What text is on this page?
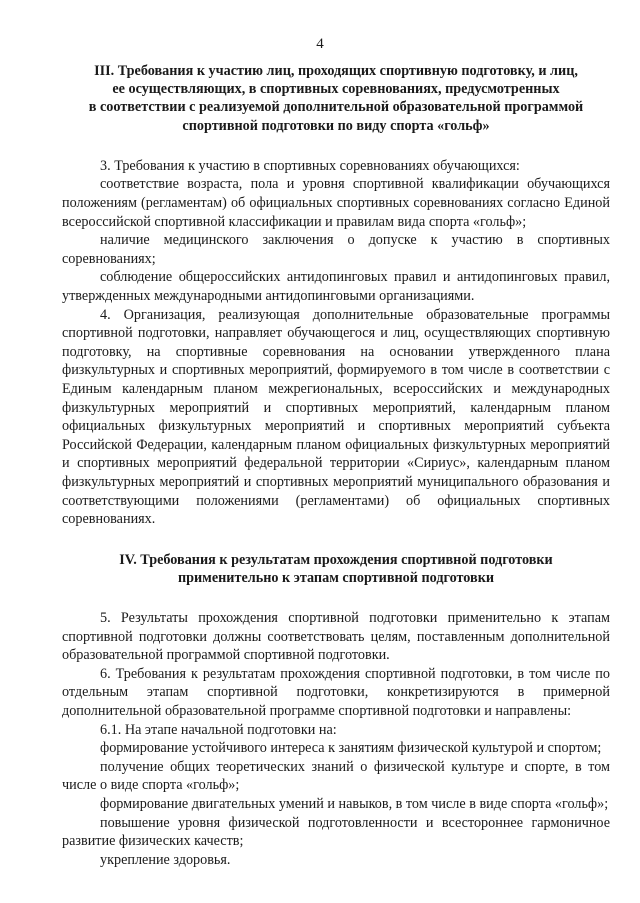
4
III. Требования к участию лиц, проходящих спортивную подготовку, и лиц,
ее осуществляющих, в спортивных соревнованиях, предусмотренных
в соответствии с реализуемой дополнительной образовательной программой
спортивной подготовки по виду спорта «гольф»

3. Требования к участию в спортивных соревнованиях обучающихся:

соответствие возраста, пола и уровня спортивной квалификации обучающихся положениям (регламентам) об официальных спортивных соревнованиях согласно Единой всероссийской спортивной классификации и правилам вида спорта «гольф»;

наличие медицинского заключения о допуске к участию в спортивных соревнованиях;

соблюдение общероссийских антидопинговых правил и антидопинговых правил, утвержденных международными антидопинговыми организациями.

4. Организация, реализующая дополнительные образовательные программы спортивной подготовки, направляет обучающегося и лиц, осуществляющих спортивную подготовку, на спортивные соревнования на основании утвержденного плана физкультурных и спортивных мероприятий, формируемого в том числе в соответствии с Единым календарным планом межрегиональных, всероссийских и международных физкультурных мероприятий и спортивных мероприятий, календарным планом официальных физкультурных мероприятий и спортивных мероприятий субъекта Российской Федерации, календарным планом официальных физкультурных мероприятий и спортивных мероприятий федеральной территории «Сириус», календарным планом физкультурных мероприятий и спортивных мероприятий муниципального образования и соответствующими положениями (регламентами) об официальных спортивных соревнованиях.

IV. Требования к результатам прохождения спортивной подготовки
применительно к этапам спортивной подготовки

5. Результаты прохождения спортивной подготовки применительно к этапам спортивной подготовки должны соответствовать целям, поставленным дополнительной образовательной программой спортивной подготовки.

6. Требования к результатам прохождения спортивной подготовки, в том числе по отдельным этапам спортивной подготовки, конкретизируются в примерной дополнительной образовательной программе спортивной подготовки и направлены:

6.1. На этапе начальной подготовки на:

формирование устойчивого интереса к занятиям физической культурой и спортом;

получение общих теоретических знаний о физической культуре и спорте, в том числе о виде спорта «гольф»;

формирование двигательных умений и навыков, в том числе в виде спорта «гольф»;

повышение уровня физической подготовленности и всестороннее гармоничное развитие физических качеств;

укрепление здоровья.
